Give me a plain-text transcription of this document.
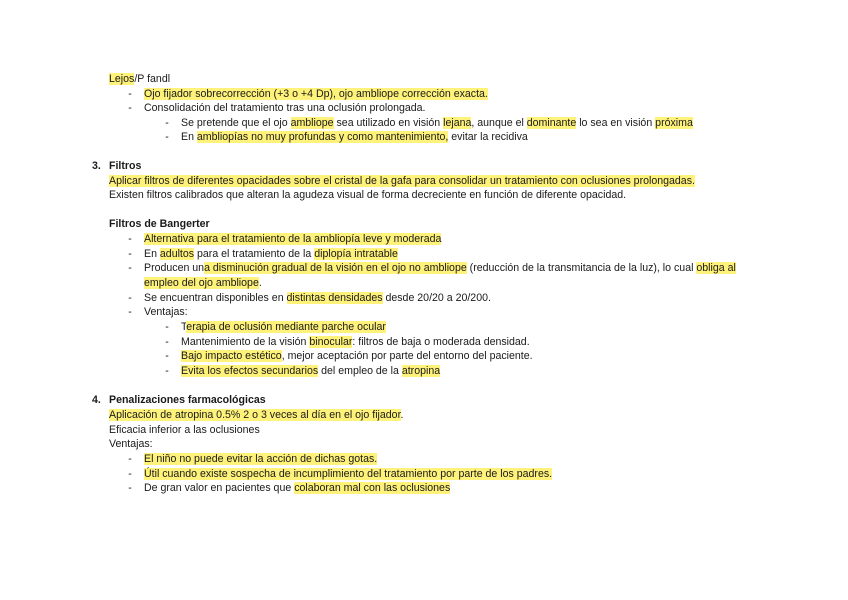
Lejos/P fandl
-	Ojo fijador sobrecorrección (+3 o +4 Dp), ojo ambliope corrección exacta.
-	Consolidación del tratamiento tras una oclusión prolongada.
-	Se pretende que el ojo ambliope sea utilizado en visión lejana, aunque el dominante lo sea en visión próxima
-	En ambliopías no muy profundas y como mantenimiento, evitar la recidiva
3. Filtros
Aplicar filtros de diferentes opacidades sobre el cristal de la gafa para consolidar un tratamiento con oclusiones prolongadas.
Existen filtros calibrados que alteran la agudeza visual de forma decreciente en función de diferente opacidad.
Filtros de Bangerter
-	Alternativa para el tratamiento de la ambliopía leve y moderada
-	En adultos para el tratamiento de la diplopía intratable
-	Producen una disminución gradual de la visión en el ojo no ambliope (reducción de la transmitancia de la luz), lo cual obliga al
empleo del ojo ambliope.
-	Se encuentran disponibles en distintas densidades desde 20/20 a 20/200.
-	Ventajas:
-	Terapia de oclusión mediante parche ocular
-	Mantenimiento de la visión binocular: filtros de baja o moderada densidad.
-	Bajo impacto estético, mejor aceptación por parte del entorno del paciente.
-	Evita los efectos secundarios del empleo de la atropina
4. Penalizaciones farmacológicas
Aplicación de atropina 0.5% 2 o 3 veces al día en el ojo fijador.
Eficacia inferior a las oclusiones
Ventajas:
-	El niño no puede evitar la acción de dichas gotas.
-	Útil cuando existe sospecha de incumplimiento del tratamiento por parte de los padres.
-	De gran valor en pacientes que colaboran mal con las oclusiones
